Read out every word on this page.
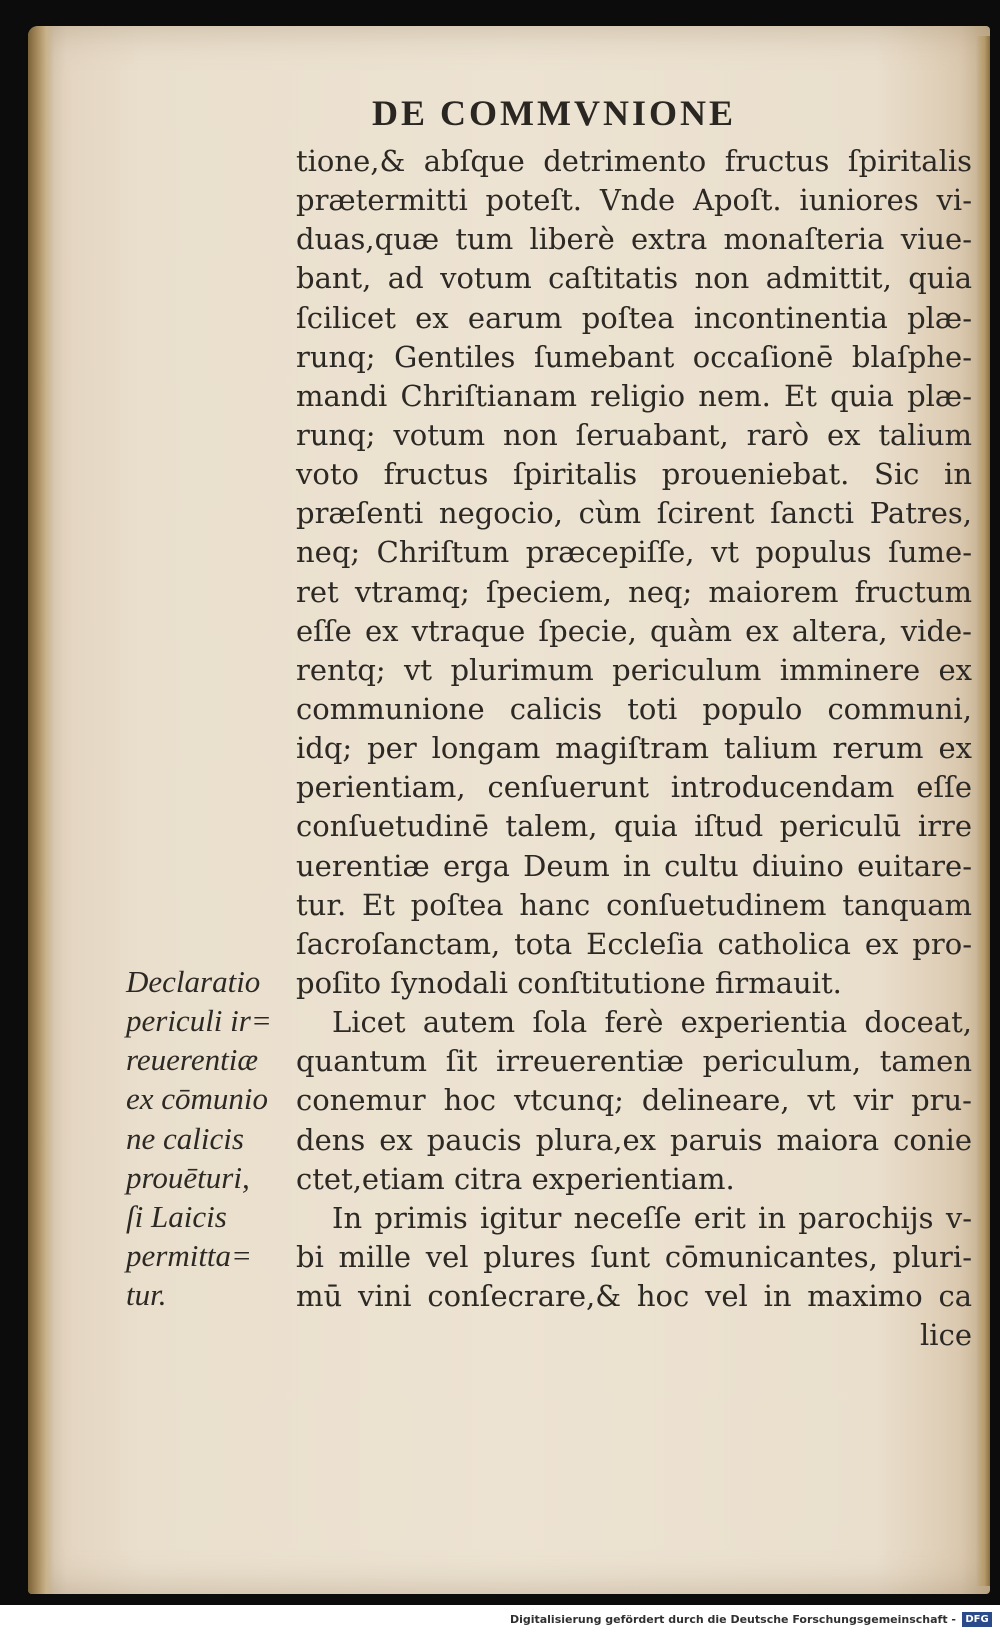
DE COMMVNIONE
tione,& abſque detrimento fructus ſpiritalis
prætermitti poteſt. Vnde Apoſt. iuniores vi-
duas,quæ tum liberè extra monaſteria viue-
bant, ad votum caſtitatis non admittit, quia
ſcilicet ex earum poſtea incontinentia plæ-
runq; Gentiles ſumebant occaſionē blaſphe-
mandi Chriſtianam religio nem. Et quia plæ-
runq; votum non ſeruabant, rarò ex talium
voto fructus ſpiritalis proueniebat. Sic in
præſenti negocio, cùm ſcirent ſancti Patres,
neq; Chriſtum præcepiſſe, vt populus ſume-
ret vtramq; ſpeciem, neq; maiorem fructum
eſſe ex vtraque ſpecie, quàm ex altera, vide-
rentq; vt plurimum periculum imminere ex
communione calicis toti populo communi,
idq; per longam magiſtram talium rerum ex
perientiam, cenſuerunt introducendam eſſe
conſuetudinē talem, quia iſtud periculū irre
uerentiæ erga Deum in cultu diuino euitare-
tur. Et poſtea hanc conſuetudinem tanquam
ſacroſanctam, tota Eccleſia catholica ex pro-
poſito ſynodali conſtitutione firmauit.
Licet autem ſola ferè experientia doceat,
quantum ſit irreuerentiæ periculum, tamen
conemur hoc vtcunq; delineare, vt vir pru-
dens ex paucis plura,ex paruis maiora conie
ctet,etiam citra experientiam.
In primis igitur neceſſe erit in parochijs v-
bi mille vel plures ſunt cōmunicantes, pluri-
mū vini conſecrare,& hoc vel in maximo ca
lice
Declaratio
periculi ir=
reuerentiæ
ex cōmunio
ne calicis
prouēturi,
ſi Laicis
permitta=
tur.
Digitalisierung gefördert durch die Deutsche Forschungsgemeinschaft - DFG
